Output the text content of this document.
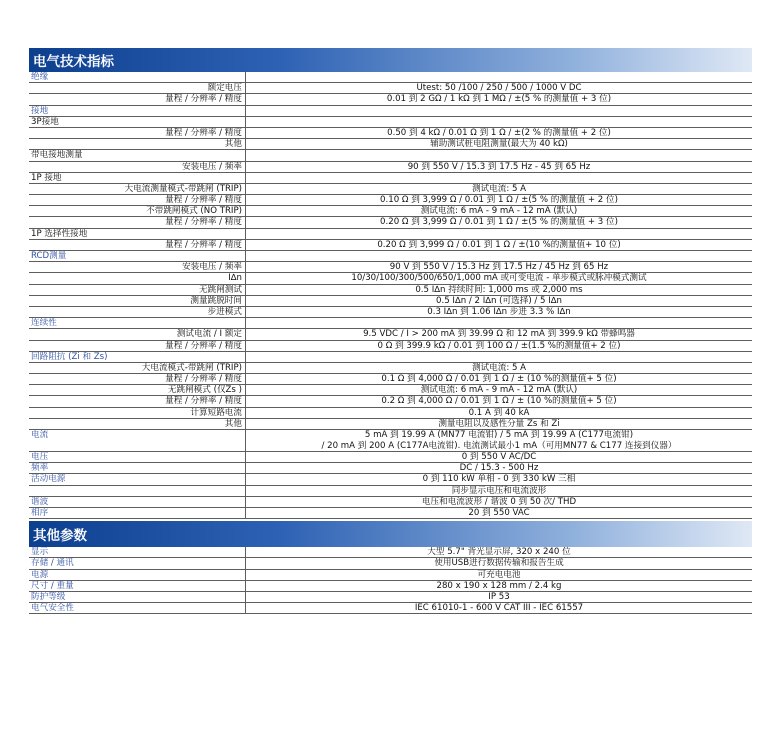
电气技术指标
绝缘
额定电压	Utest: 50 /100 / 250 / 500 / 1000 V DC
量程 / 分辨率 / 精度	0.01 到 2 GΩ / 1 kΩ 到 1 MΩ / ±(5 % 的测量值 + 3 位)
接地
3P接地
量程 / 分辨率 / 精度	0.50 到 4 kΩ / 0.01 Ω 到 1 Ω / ±(2 % 的测量值 + 2 位)
其他	辅助测试桩电阻测量(最大为 40 kΩ)
带电接地测量
安装电压 / 频率	90 到 550 V / 15.3 到 17.5 Hz - 45 到 65 Hz
1P 接地
大电流测量模式-带跳闸 (TRIP)	测试电流: 5 A
量程 / 分辨率 / 精度	0.10 Ω 到 3,999 Ω / 0.01 到 1 Ω / ±(5 % 的测量值 + 2 位)
不带跳闸模式 (NO TRIP)	测试电流: 6 mA - 9 mA - 12 mA (默认)
量程 / 分辨率 / 精度	0.20 Ω 到 3,999 Ω / 0.01 到 1 Ω / ±(5 % 的测量值 + 3 位)
1P 选择性接地
量程 / 分辨率 / 精度	0.20 Ω 到 3,999 Ω / 0.01 到 1 Ω / ±(10 %的测量值+ 10 位)
RCD测量
安装电压 / 频率	90 V 到 550 V / 15.3 Hz 到 17.5 Hz / 45 Hz 到 65 Hz
I∆n	10/30/100/300/500/650/1,000 mA 或可变电流 - 单步模式或脉冲模式测试
无跳闸测试	0.5 I∆n 持续时间: 1,000 ms 或 2,000 ms
测量跳脱时间	0.5 I∆n / 2 I∆n (可选择) / 5 I∆n
步进模式	0.3 I∆n 到 1.06 I∆n 步进 3.3 % I∆n
连续性
测试电流 / I 额定	9.5 VDC / I > 200 mA 到 39.99 Ω 和 12 mA 到 399.9 kΩ 带蜂鸣器
量程 / 分辨率 / 精度	0 Ω 到 399.9 kΩ / 0.01 到 100 Ω / ±(1.5 %的测量值+ 2 位)
回路阻抗 (Zi 和 Zs)
大电流模式-带跳闸 (TRIP)	测试电流: 5 A
量程 / 分辨率 / 精度	0.1 Ω 到 4,000 Ω / 0.01 到 1 Ω / ± (10 %的测量值+ 5 位)
无跳闸模式 (仅Zs )	测试电流: 6 mA - 9 mA - 12 mA (默认)
量程 / 分辨率 / 精度	0.2 Ω 到 4,000 Ω / 0.01 到 1 Ω / ± (10 %的测量值+ 5 位)
计算短路电流	0.1 A 到 40 kA
其他	测量电阻以及感性分量 Zs 和 Zi
电流	5 mA 到 19.99 A (MN77 电流钳) / 5 mA 到 19.99 A (C177电流钳)
/ 20 mA 到 200 A (C177A电流钳). 电流测试最小1 mA（可用MN77 & C177 连接到仪器）
电压	0 到 550 V AC/DC
频率	DC / 15.3 - 500 Hz
活动电源	0 到 110 kW 单相 - 0 到 330 kW 三相
同步显示电压和电流波形
谐波	电压和电流波形 / 谐波 0 到 50 次/ THD
相序	20 到 550 VAC
其他参数
显示	大型 5.7" 背光显示屏, 320 x 240 位
存储 / 通讯	使用USB进行数据传输和报告生成
电源	可充电电池
尺寸 / 重量	280 x 190 x 128 mm / 2.4 kg
防护等级	IP 53
电气安全性	IEC 61010-1 - 600 V CAT III - IEC 61557
